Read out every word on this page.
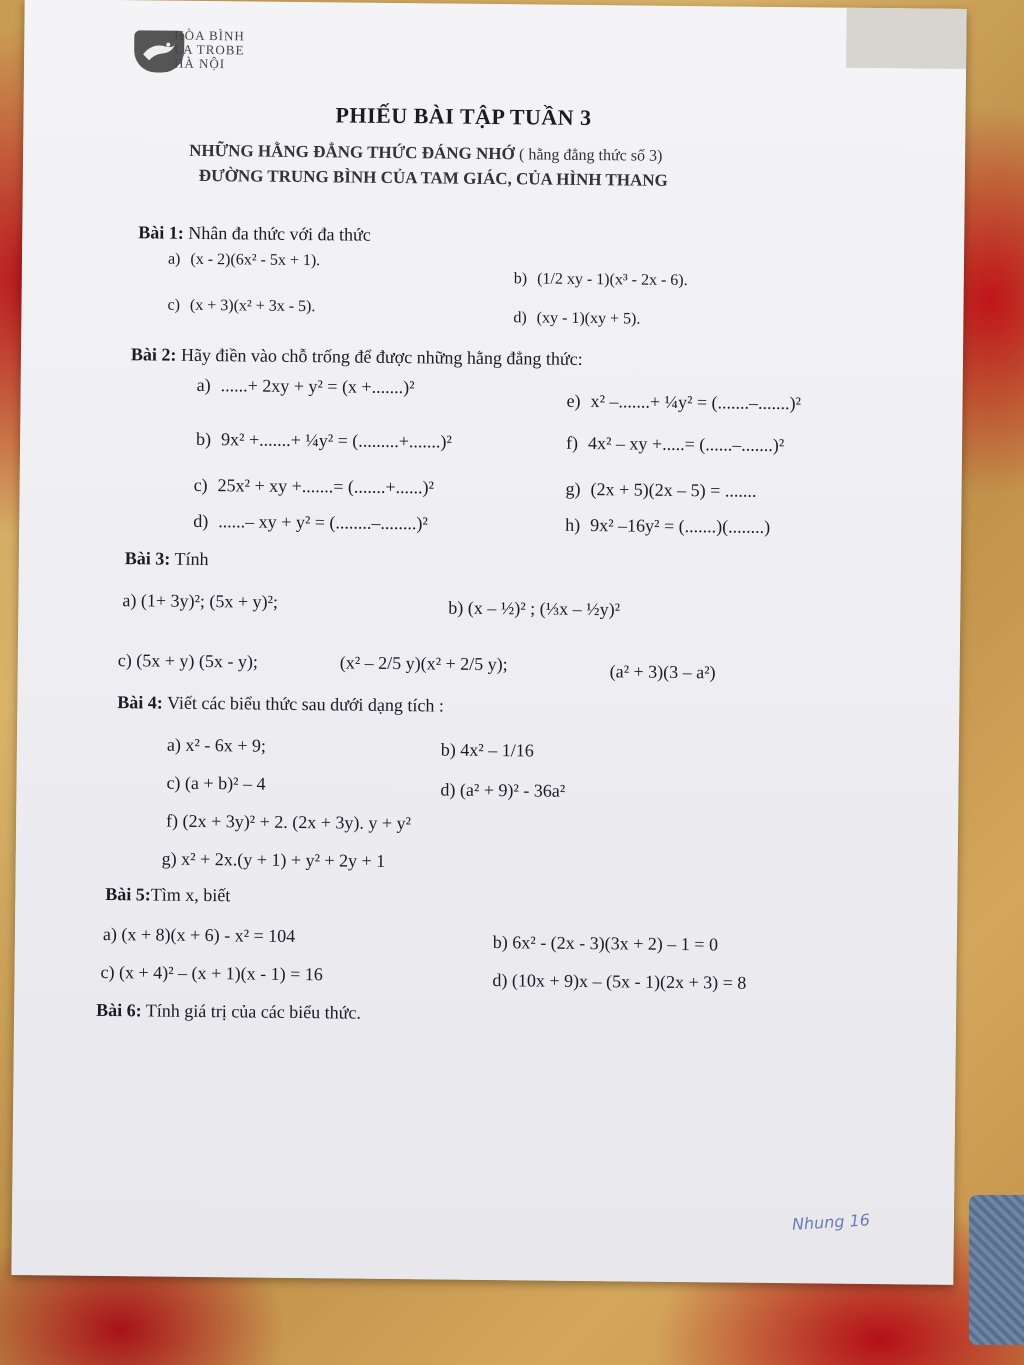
HÒA BÌNH
LA TROBE
HÀ NỘI
PHIẾU BÀI TẬP TUẦN 3
NHỮNG HẰNG ĐẲNG THỨC ĐÁNG NHỚ ( hằng đẳng thức số 3)
ĐƯỜNG TRUNG BÌNH CỦA TAM GIÁC, CỦA HÌNH THANG
Bài 1: Nhân đa thức với đa thức
a) (x - 2)(6x² - 5x + 1).
b) (1/2 xy - 1)(x³ - 2x - 6).
c) (x + 3)(x² + 3x - 5).
d) (xy - 1)(xy + 5).
Bài 2: Hãy điền vào chỗ trống để được những hằng đẳng thức:
a) ......+ 2xy + y² = (x +.......)²
b) 9x² +.......+ ¼y² = (.........+.......)²
c) 25x² + xy +.......= (.......+......)²
d) ......– xy + y² = (........–........)²
e) x² –.......+ ¼y² = (.......–.......)²
f) 4x² – xy +.....= (......–.......)²
g) (2x + 5)(2x – 5) = .......
h) 9x² –16y² = (.......)(........)
Bài 3: Tính
a) (1+ 3y)²; (5x + y)²;	b) (x – ½)² ; (⅓x – ½y)²
c) (5x + y) (5x - y);	(x² – 2/5 y)(x² + 2/5 y);	(a² + 3)(3 – a²)
Bài 4: Viết các biểu thức sau dưới dạng tích :
a) x² - 6x + 9;	b) 4x² – 1/16
c) (a + b)² – 4	d) (a² + 9)² - 36a²
f) (2x + 3y)² + 2. (2x + 3y). y + y²
g) x² + 2x.(y + 1) + y² + 2y + 1
Bài 5:Tìm x, biết
a) (x + 8)(x + 6) - x² = 104	b) 6x² - (2x - 3)(3x + 2) – 1 = 0
c) (x + 4)² – (x + 1)(x - 1) = 16	d) (10x + 9)x – (5x - 1)(2x + 3) = 8
Bài 6: Tính giá trị của các biểu thức.
Nhung 16
